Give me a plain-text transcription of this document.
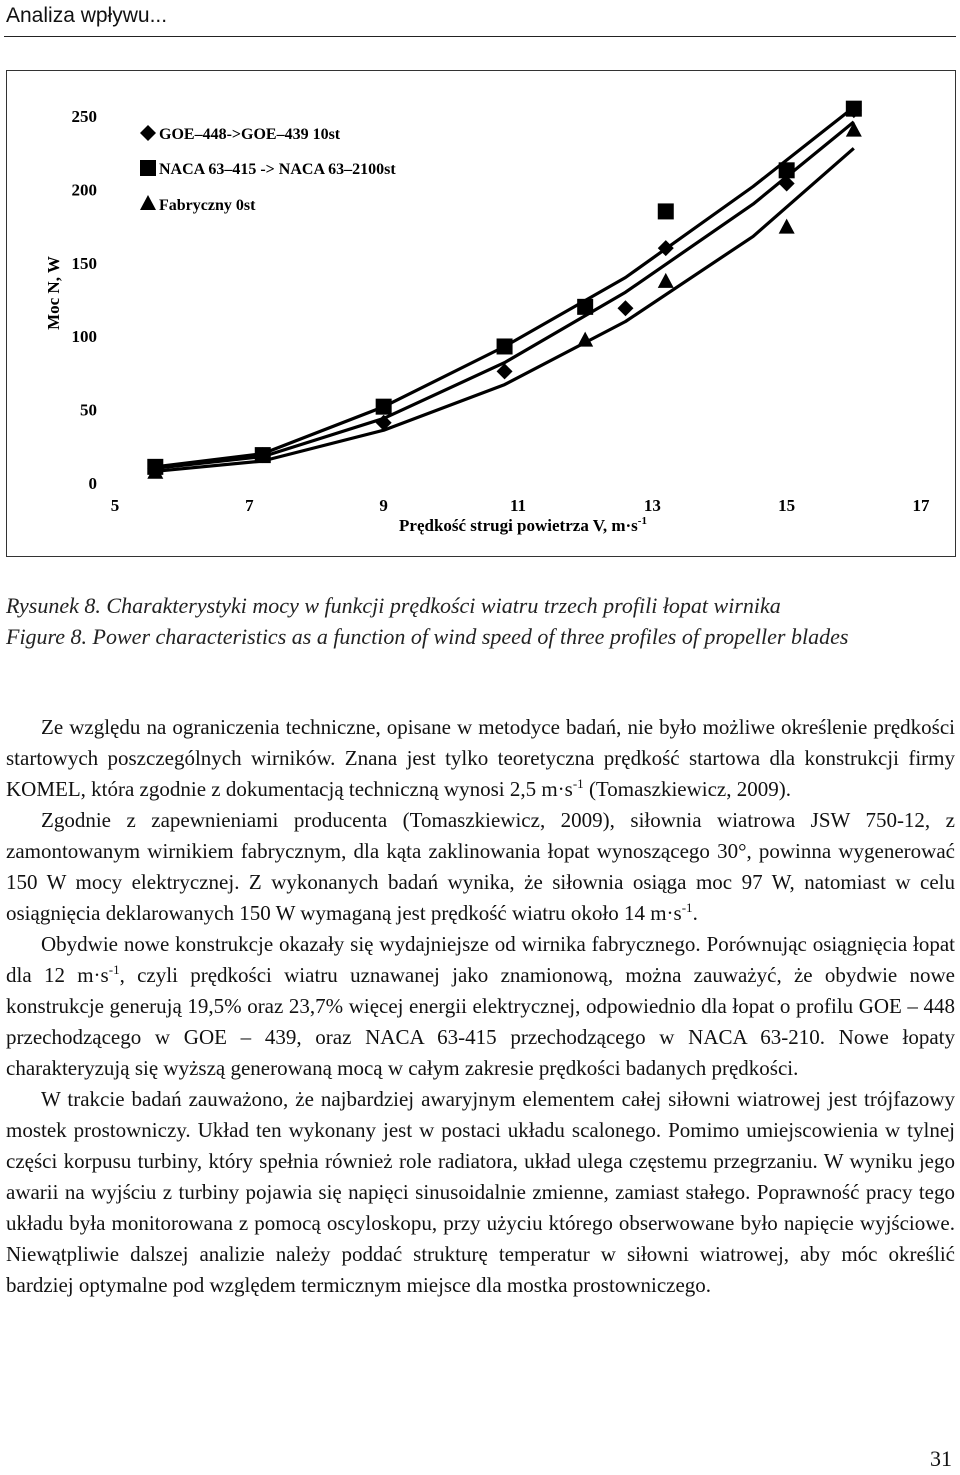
Analiza wpływu...
5	7	9	11	13	15	17
0
50
100
150
200
250
GOE–448->GOE–439 10st
NACA 63–415 -> NACA 63–2100st
Fabryczny 0st
Moc N, W
Prędkość strugi powietrza V, $m\cdot s^{-1}$
Rysunek 8. Charakterystyki mocy w funkcji prędkości wiatru trzech profili łopat wirnika
Figure 8. Power characteristics as a function of wind speed of three profiles of propeller blades

Ze względu na ograniczenia techniczne, opisane w metodyce badań, nie było możliwe określenie prędkości startowych poszczególnych wirników. Znana jest tylko teoretyczna prędkość startowa dla konstrukcji firmy KOMEL, która zgodnie z dokumentacją techniczną wynosi 2,5 $m\cdot s^{-1}$ (Tomaszkiewicz, 2009).

Zgodnie z zapewnieniami producenta (Tomaszkiewicz, 2009), siłownia wiatrowa JSW 750-12, z zamontowanym wirnikiem fabrycznym, dla kąta zaklinowania łopat wynoszącego 30°, powinna wygenerować 150 W mocy elektrycznej. Z wykonanych badań wynika, że siłownia osiąga moc 97 W, natomiast w celu osiągnięcia deklarowanych 150 W wymaganą jest prędkość wiatru około 14 $m\cdot s^{-1}$.

Obydwie nowe konstrukcje okazały się wydajniejsze od wirnika fabrycznego. Porównując osiągnięcia łopat dla 12 $m\cdot s^{-1}$, czyli prędkości wiatru uznawanej jako znamionową, można zauważyć, że obydwie nowe konstrukcje generują 19,5% oraz 23,7% więcej energii elektrycznej, odpowiednio dla łopat o profilu GOE – 448 przechodzącego w GOE – 439, oraz NACA 63-415 przechodzącego w NACA 63-210. Nowe łopaty charakteryzują się wyższą generowaną mocą w całym zakresie prędkości badanych prędkości.

W trakcie badań zauważono, że najbardziej awaryjnym elementem całej siłowni wiatrowej jest trójfazowy mostek prostowniczy. Układ ten wykonany jest w postaci układu scalonego. Pomimo umiejscowienia w tylnej części korpusu turbiny, który spełnia również role radiatora, układ ulega częstemu przegrzaniu. W wyniku jego awarii na wyjściu z turbiny pojawia się napięci sinusoidalnie zmienne, zamiast stałego. Poprawność pracy tego układu była monitorowana z pomocą oscyloskopu, przy użyciu którego obserwowane było napięcie wyjściowe. Niewątpliwie dalszej analizie należy poddać strukturę temperatur w siłowni wiatrowej, aby móc określić bardziej optymalne pod względem termicznym miejsce dla mostka prostowniczego.

31
